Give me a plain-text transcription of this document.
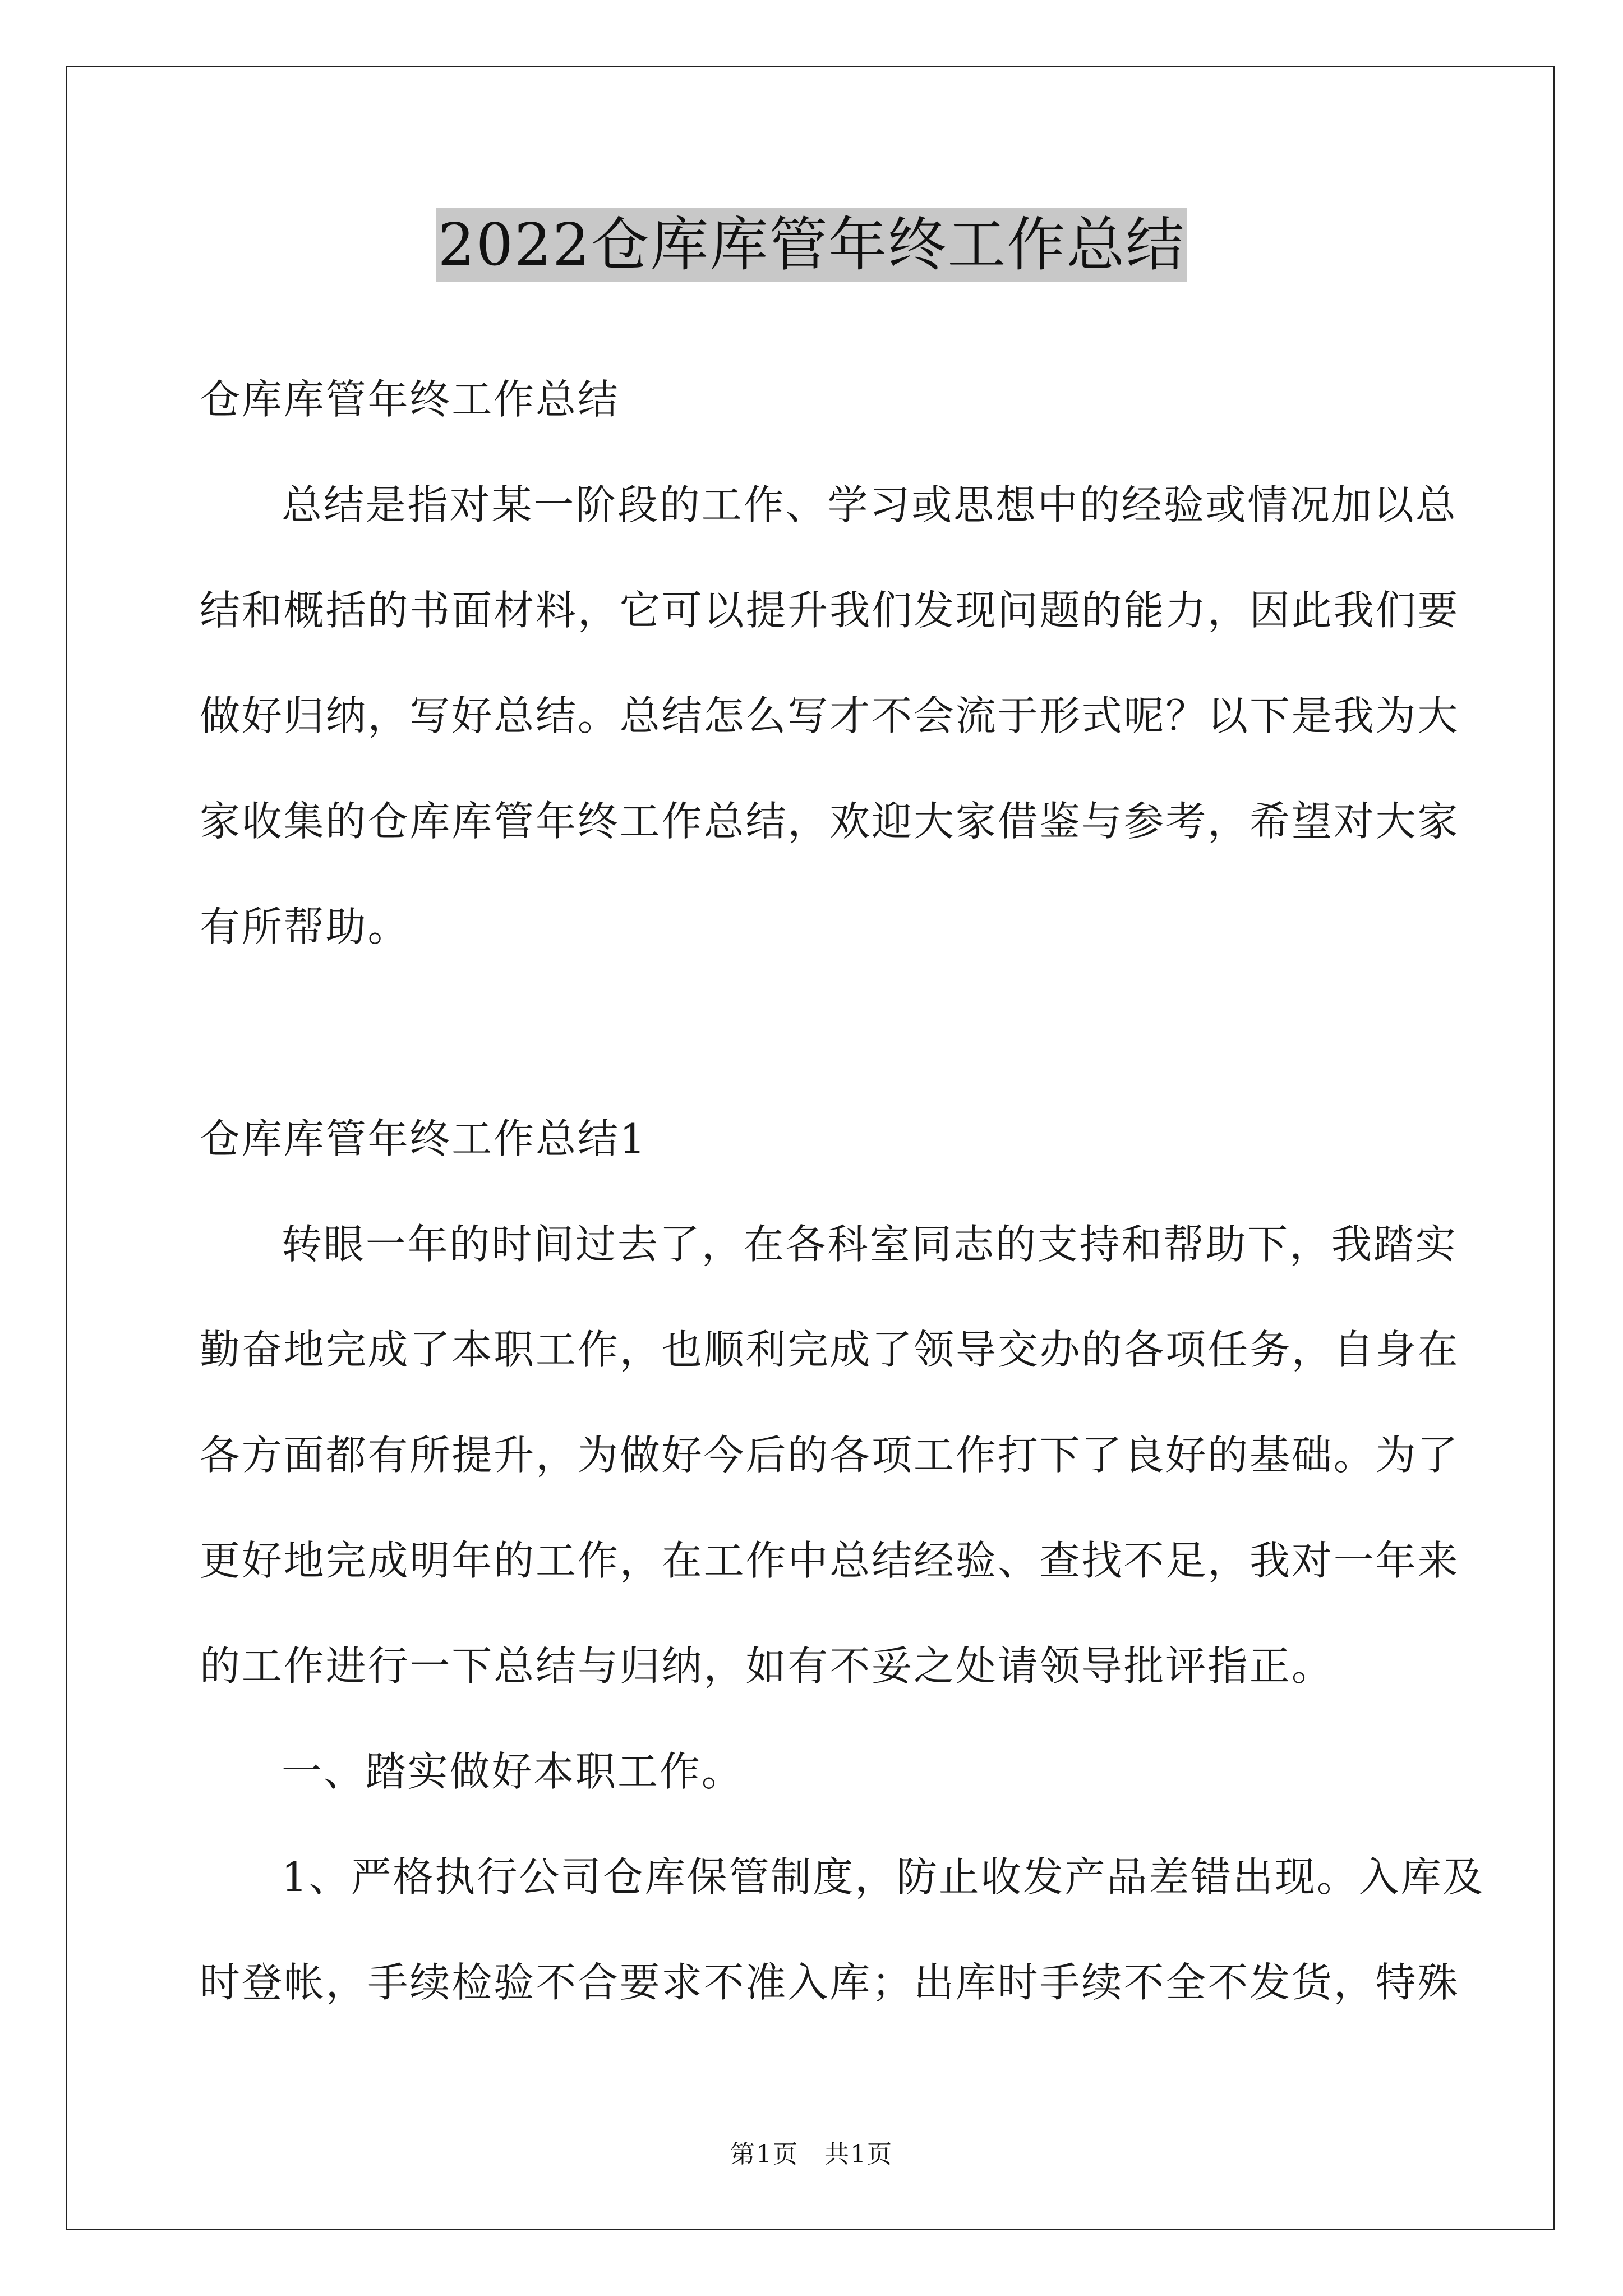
2022仓库库管年终工作总结

仓库库管年终工作总结

总结是指对某一阶段的工作、学习或思想中的经验或情况加以总

结和概括的书面材料，它可以提升我们发现问题的能力，因此我们要

做好归纳，写好总结。总结怎么写才不会流于形式呢？以下是我为大

家收集的仓库库管年终工作总结，欢迎大家借鉴与参考，希望对大家

有所帮助。

仓库库管年终工作总结1

转眼一年的时间过去了，在各科室同志的支持和帮助下，我踏实

勤奋地完成了本职工作，也顺利完成了领导交办的各项任务，自身在

各方面都有所提升，为做好今后的各项工作打下了良好的基础。为了

更好地完成明年的工作，在工作中总结经验、查找不足，我对一年来

的工作进行一下总结与归纳，如有不妥之处请领导批评指正。

一、踏实做好本职工作。

1、严格执行公司仓库保管制度，防止收发产品差错出现。入库及

时登帐，手续检验不合要求不准入库；出库时手续不全不发货，特殊

第1页　共1页
